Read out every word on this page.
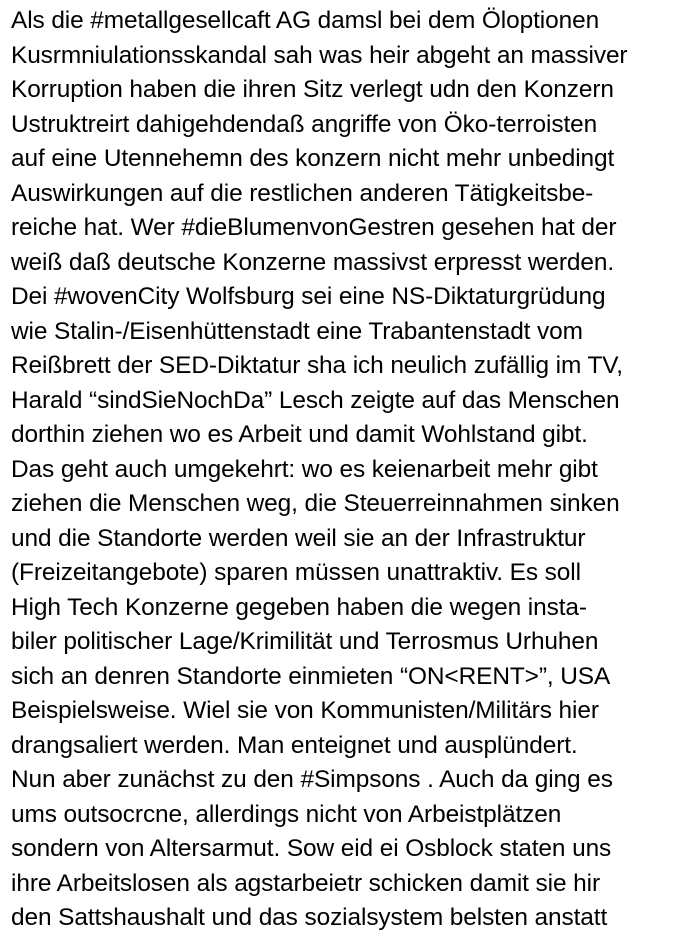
Als die #metallgesellcaft AG damsl bei dem Öloptionen
Kusrmniulationsskandal sah was heir abgeht an massiver
Korruption haben die ihren Sitz verlegt udn den Konzern
Ustruktreirt dahigehdendaß angriffe von Öko-terroisten
auf eine Utennehemn des konzern nicht mehr unbedingt
Auswirkungen auf die restlichen anderen Tätigkeitsbe-
reiche hat. Wer #dieBlumenvonGestren gesehen hat der
weiß daß deutsche Konzerne massivst erpresst werden.
Dei #wovenCity Wolfsburg sei eine NS-Diktaturgrüdung
wie Stalin-/Eisenhüttenstadt eine Trabantenstadt vom
Reißbrett der SED-Diktatur sha ich neulich zufällig im TV,
Harald “sindSieNochDa” Lesch zeigte auf das Menschen
dorthin ziehen wo es Arbeit und damit Wohlstand gibt.
Das geht auch umgekehrt: wo es keienarbeit mehr gibt
ziehen die Menschen weg, die Steuerreinnahmen sinken
und die Standorte werden weil sie an der Infrastruktur
(Freizeitangebote) sparen müssen unattraktiv. Es soll
High Tech Konzerne gegeben haben die wegen insta-
biler politischer Lage/Krimilität und Terrosmus Urhuhen
sich an denren Standorte einmieten “ON<RENT>”, USA
Beispielsweise. Wiel sie von Kommunisten/Militärs hier
drangsaliert werden. Man enteignet und ausplündert.
Nun aber zunächst zu den #Simpsons . Auch da ging es
ums outsocrcne, allerdings nicht von Arbeistplätzen
sondern von Altersarmut. Sow eid ei Osblock staten uns
ihre Arbeitslosen als agstarbeietr schicken damit sie hir
den Sattshaushalt und das sozialsystem belsten anstatt
